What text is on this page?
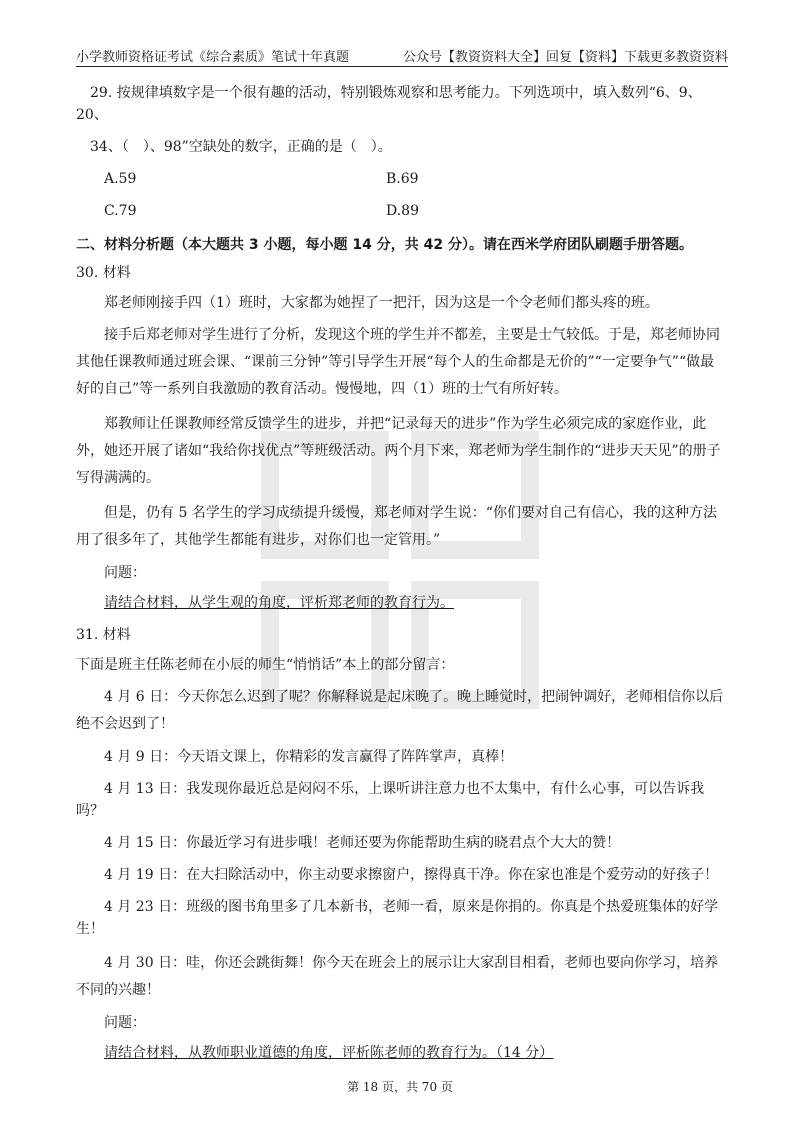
小学教师资格证考试《综合素质》笔试十年真题	公众号【教资资料大全】回复【资料】下载更多教资资料

29. 按规律填数字是一个很有趣的活动，特别锻炼观察和思考能力。下列选项中，填入数列“6、9、20、

34、（　）、98”空缺处的数字，正确的是（　）。

A.59	B.69
C.79	D.89
二、材料分析题（本大题共 3 小题，每小题 14 分，共 42 分）。请在西米学府团队刷题手册答题。

30. 材料

郑老师刚接手四（1）班时，大家都为她捏了一把汗，因为这是一个令老师们都头疼的班。

接手后郑老师对学生进行了分析，发现这个班的学生并不都差，主要是士气较低。于是，郑老师协同其他任课教师通过班会课、“课前三分钟”等引导学生开展“每个人的生命都是无价的”“一定要争气”“做最好的自己”等一系列自我激励的教育活动。慢慢地，四（1）班的士气有所好转。

郑教师让任课教师经常反馈学生的进步，并把“记录每天的进步”作为学生必须完成的家庭作业，此外，她还开展了诸如“我给你找优点”等班级活动。两个月下来，郑老师为学生制作的“进步天天见”的册子写得满满的。

但是，仍有 5 名学生的学习成绩提升缓慢，郑老师对学生说：“你们要对自己有信心，我的这种方法用了很多年了，其他学生都能有进步，对你们也一定管用。”

问题：

请结合材料，从学生观的角度，评析郑老师的教育行为。

31. 材料

下面是班主任陈老师在小辰的师生“悄悄话”本上的部分留言：

4 月 6 日：今天你怎么迟到了呢？你解释说是起床晚了。晚上睡觉时，把闹钟调好，老师相信你以后绝不会迟到了！

4 月 9 日：今天语文课上，你精彩的发言赢得了阵阵掌声，真棒！

4 月 13 日：我发现你最近总是闷闷不乐，上课听讲注意力也不太集中，有什么心事，可以告诉我吗？

4 月 15 日：你最近学习有进步哦！老师还要为你能帮助生病的晓君点个大大的赞！

4 月 19 日：在大扫除活动中，你主动要求擦窗户，擦得真干净。你在家也准是个爱劳动的好孩子！

4 月 23 日：班级的图书角里多了几本新书，老师一看，原来是你捐的。你真是个热爱班集体的好学生！

4 月 30 日：哇，你还会跳街舞！你今天在班会上的展示让大家刮目相看，老师也要向你学习，培养不同的兴趣！

问题：

请结合材料，从教师职业道德的角度，评析陈老师的教育行为。（14 分）

第 18 页，共 70 页
